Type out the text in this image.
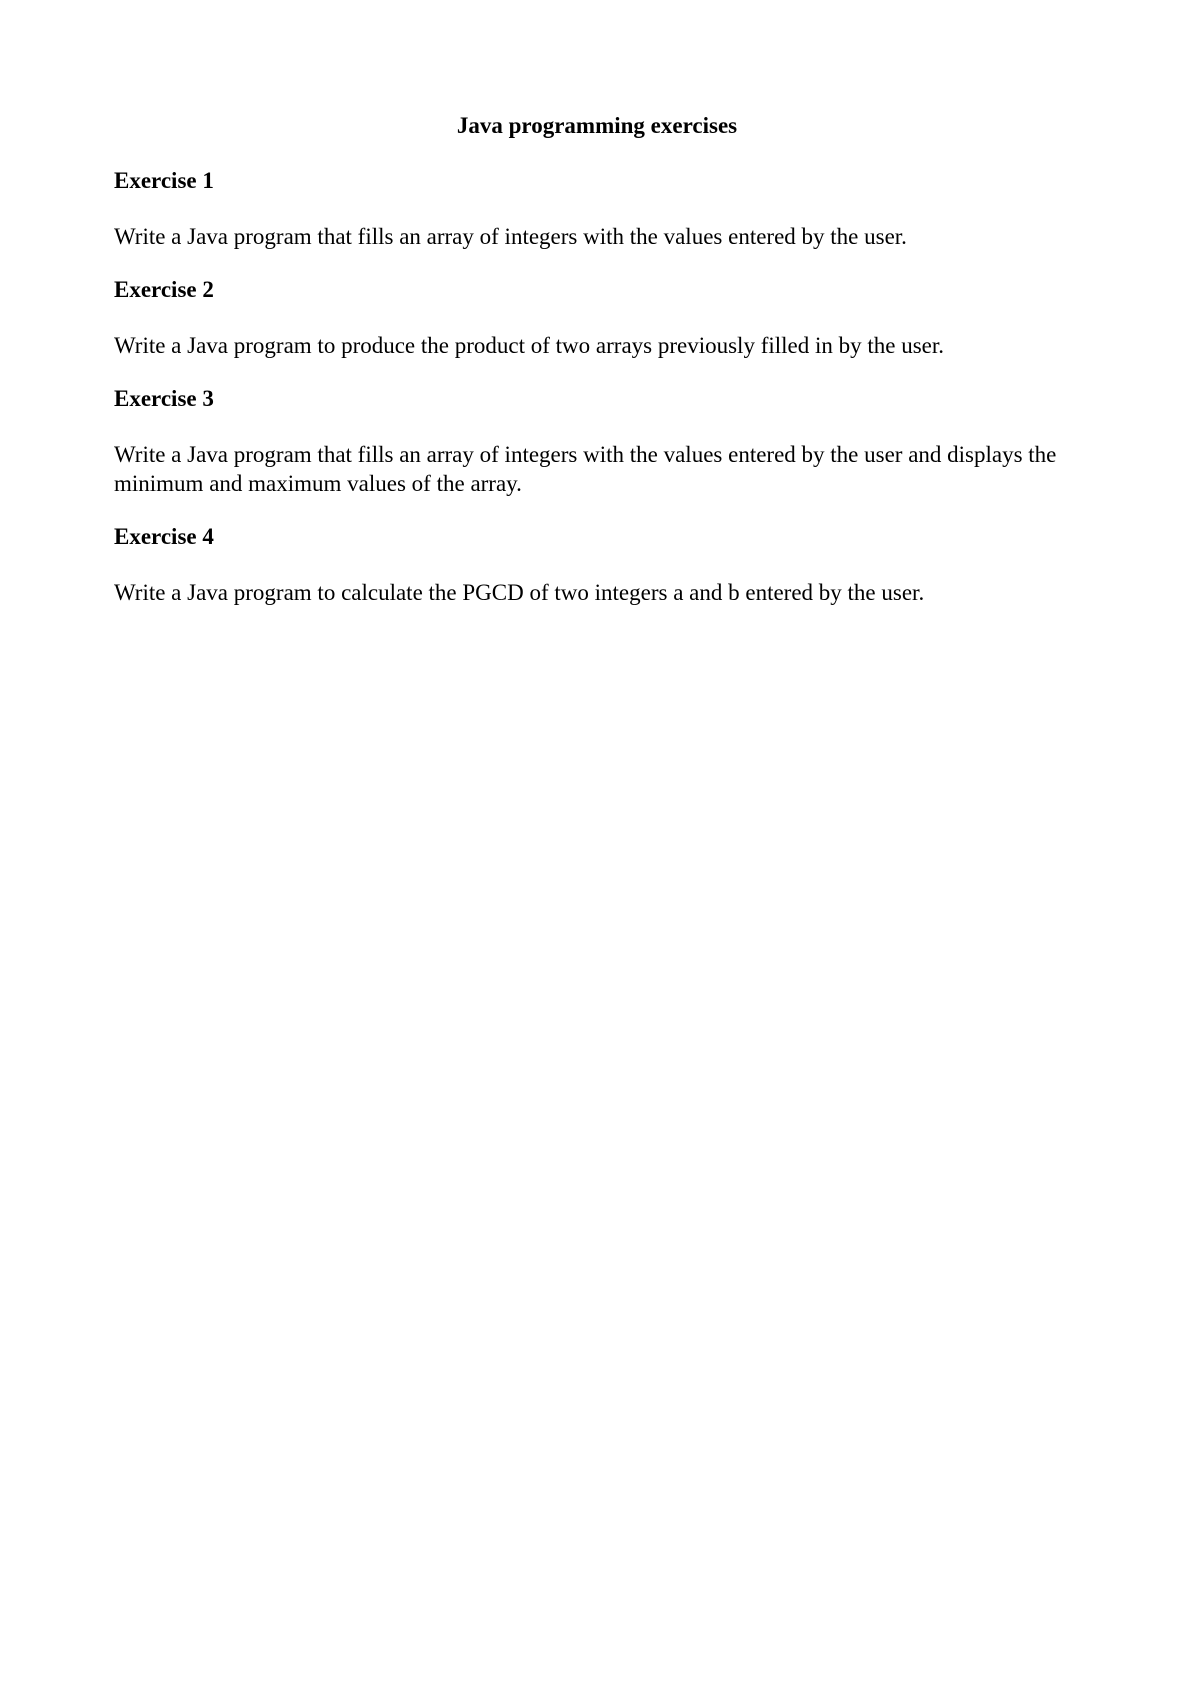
Java programming exercises
Exercise 1

Write a Java program that fills an array of integers with the values entered by the user.

Exercise 2

Write a Java program to produce the product of two arrays previously filled in by the user.

Exercise 3

Write a Java program that fills an array of integers with the values entered by the user and displays the minimum and maximum values of the array.

Exercise 4

Write a Java program to calculate the PGCD of two integers a and b entered by the user.
